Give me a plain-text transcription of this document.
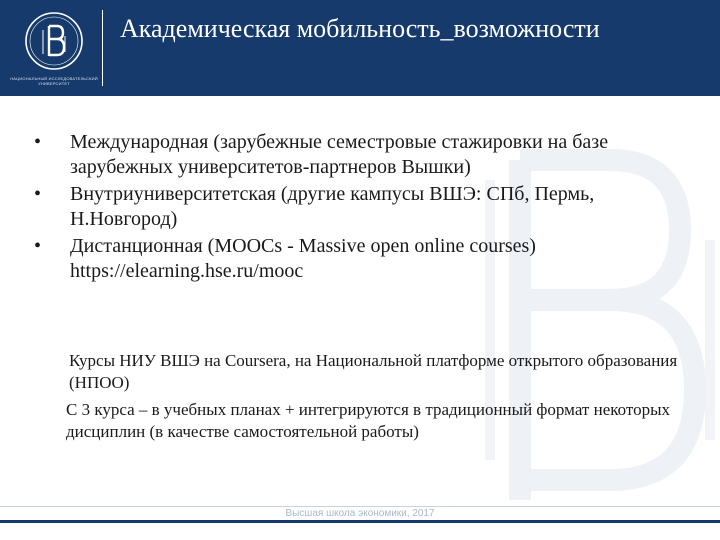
НАЦИОНАЛЬНЫЙ ИССЛЕДОВАТЕЛЬСКИЙ УНИВЕРСИТЕТ
Академическая мобильность_возможности
• Международная (зарубежные семестровые стажировки на базе зарубежных университетов-партнеров Вышки)
• Внутриуниверситетская (другие кампусы ВШЭ: СПб, Пермь, Н.Новгород)
• Дистанционная (MOOCs - Massive open online courses) https://elearning.hse.ru/mooc

Курсы НИУ ВШЭ на Coursera, на Национальной платформе открытого образования (НПОО)

С 3 курса – в учебных планах + интегрируются в традиционный формат некоторых дисциплин (в качестве самостоятельной работы)

Высшая школа экономики, 2017
